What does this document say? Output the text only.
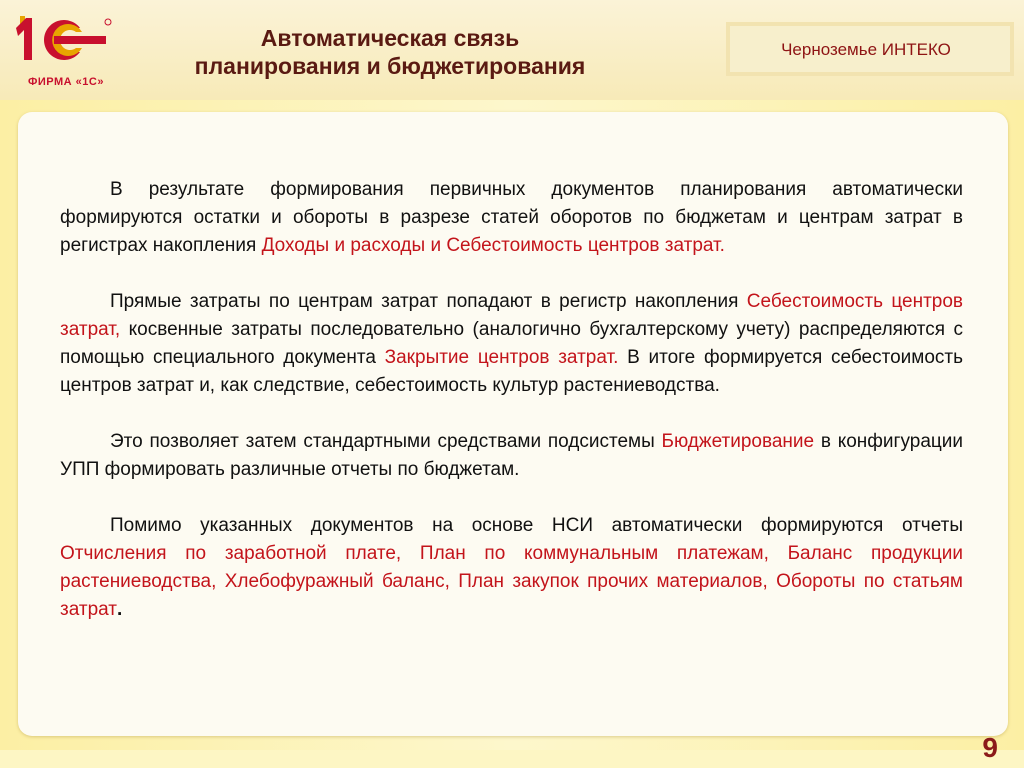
ФИРМА «1С»
Автоматическая связь
планирования и бюджетирования
Черноземье ИНТЕКО

В результате формирования первичных документов планирования автоматически формируются остатки и обороты в разрезе статей оборотов по бюджетам и центрам затрат в регистрах накопления Доходы и расходы и Себестоимость центров затрат.

Прямые затраты по центрам затрат попадают в регистр накопления Себестоимость центров затрат, косвенные затраты последовательно (аналогично бухгалтерскому учету) распределяются с помощью специального документа Закрытие центров затрат. В итоге формируется себестоимость центров затрат и, как следствие, себестоимость культур растениеводства.

Это позволяет затем стандартными средствами подсистемы Бюджетирование в конфигурации УПП формировать различные отчеты по бюджетам.

Помимо указанных документов на основе НСИ автоматически формируются отчеты Отчисления по заработной плате, План по коммунальным платежам, Баланс продукции растениеводства, Хлебофуражный баланс, План закупок прочих материалов, Обороты по статьям затрат.

9
